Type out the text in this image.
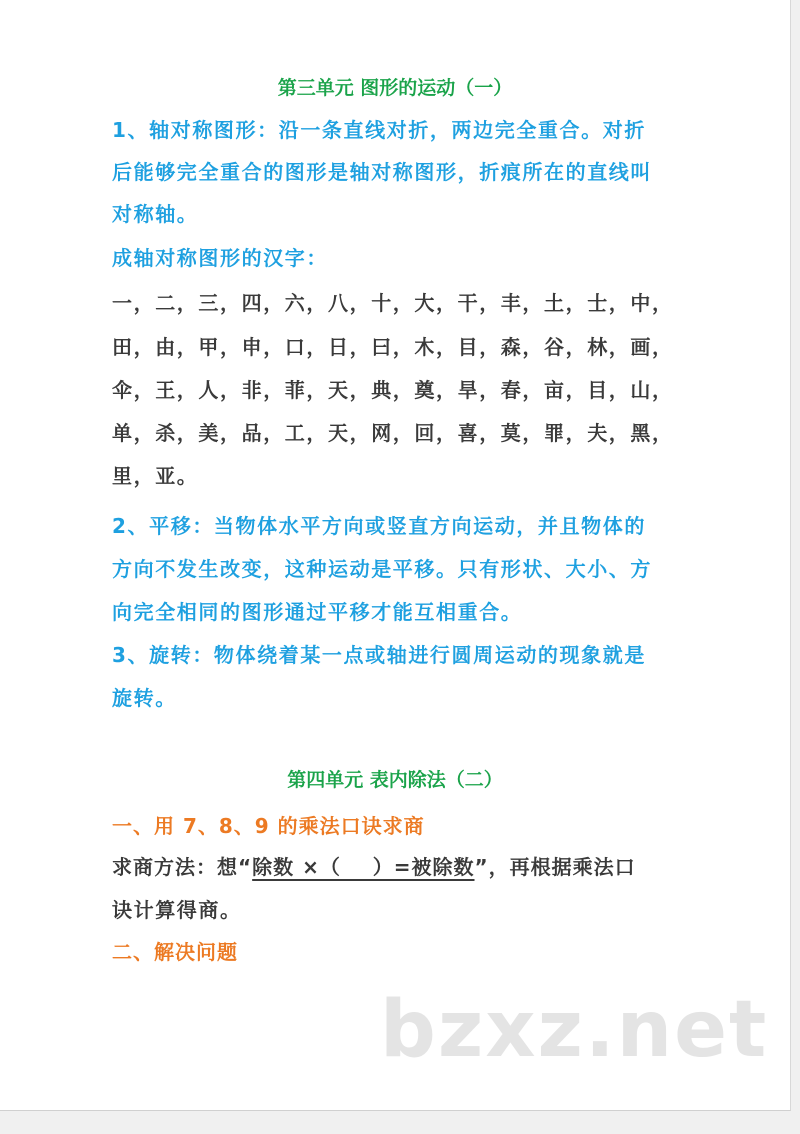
第三单元 图形的运动（一）
1、轴对称图形：沿一条直线对折，两边完全重合。对折
后能够完全重合的图形是轴对称图形，折痕所在的直线叫
对称轴。
成轴对称图形的汉字：
一，二，三，四，六，八，十，大，干，丰，土，士，中，
田，由，甲，申，口，日，曰，木，目，森，谷，林，画，
伞，王，人，非，菲，天，典，奠，旱，春，亩，目，山，
单，杀，美，品，工，天，网，回，喜，莫，罪，夫，黑，
里，亚。
2、平移：当物体水平方向或竖直方向运动，并且物体的
方向不发生改变，这种运动是平移。只有形状、大小、方
向完全相同的图形通过平移才能互相重合。
3、旋转：物体绕着某一点或轴进行圆周运动的现象就是
旋转。
第四单元 表内除法（二）
一、用 7、8、9 的乘法口诀求商
求商方法：想“除数 ×（    ）=被除数”，再根据乘法口
诀计算得商。
二、解决问题
bzxz.net
